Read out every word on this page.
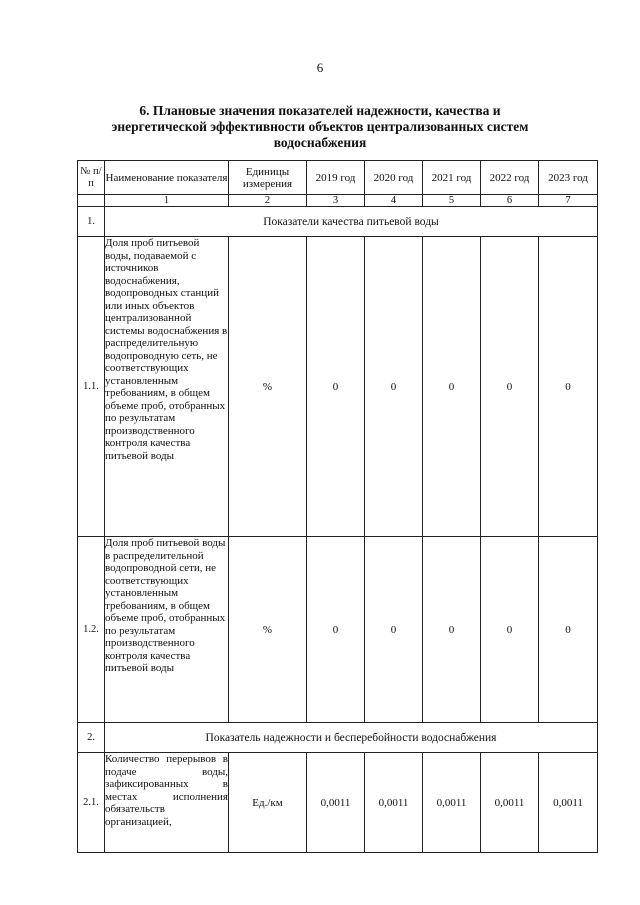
6
6. Плановые значения показателей надежности, качества и энергетической эффективности объектов централизованных систем водоснабжения
№ п/п	Наименование показателя	Единицы измерения	2019 год	2020 год	2021 год	2022 год	2023 год
	1	2	3	4	5	6	7
1.	Показатели качества питьевой воды						
1.1.	Доля проб питьевой воды, подаваемой с источников водоснабжения, водопроводных станций или иных объектов централизованной системы водоснабжения в распределительную водопроводную сеть, не соответствующих установленным требованиям, в общем объеме проб, отобранных по результатам производственного контроля качества питьевой воды	%	0	0	0	0	0
1.2.	Доля проб питьевой воды в распределительной водопроводной сети, не соответствующих установленным требованиям, в общем объеме проб, отобранных по результатам производственного контроля качества питьевой воды	%	0	0	0	0	0
2.	Показатель надежности и бесперебойности водоснабжения						
2.1.	Количество перерывов в подаче воды, зафиксированных в местах исполнения обязательств организацией,	Ед./км	0,0011	0,0011	0,0011	0,0011	0,0011
